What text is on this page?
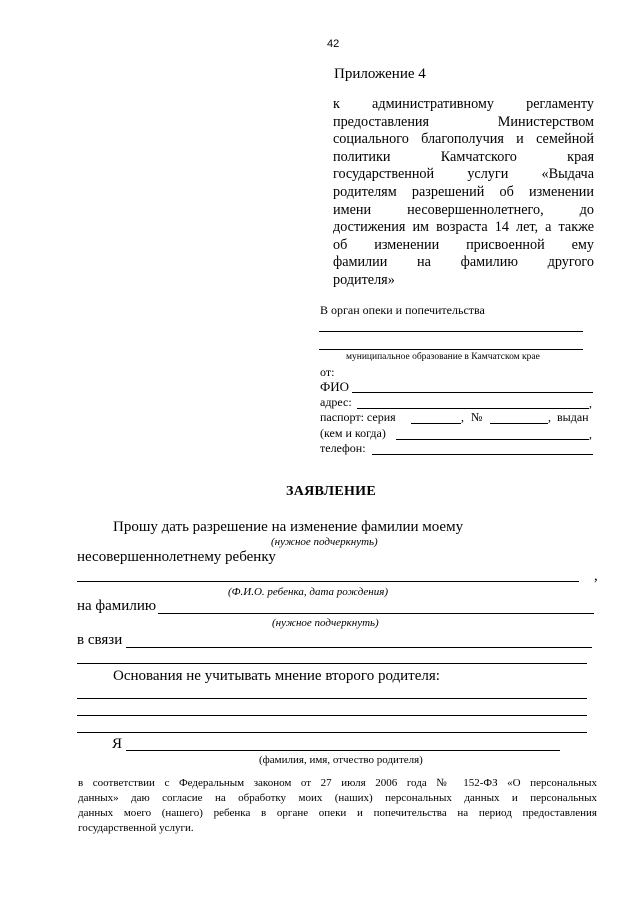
42
Приложение 4
к административному регламенту
предоставления Министерством
социального благополучия и семейной
политики Камчатского края
государственной услуги «Выдача
родителям разрешений об изменении
имени несовершеннолетнего, до
достижения им возраста 14 лет, а также
об изменении присвоенной ему
фамилии на фамилию другого
родителя»
В орган опеки и попечительства
муниципальное образование в Камчатском крае
от:
ФИО
адрес:	,
паспорт: серия	, №	, выдан
(кем и когда)	,
телефон:
ЗАЯВЛЕНИЕ
Прошу дать разрешение на изменение фамилии моему
(нужное подчеркнуть)
несовершеннолетнему ребенку
,
(Ф.И.О. ребенка, дата рождения)
на фамилию
(нужное подчеркнуть)
в связи
Основания не учитывать мнение второго родителя:
Я
(фамилия, имя, отчество родителя)
в соответствии с Федеральным законом от 27 июля 2006 года № 152-ФЗ «О персональных
данных» даю согласие на обработку моих (наших) персональных данных и персональных
данных моего (нашего) ребенка в органе опеки и попечительства на период предоставления
государственной услуги.
